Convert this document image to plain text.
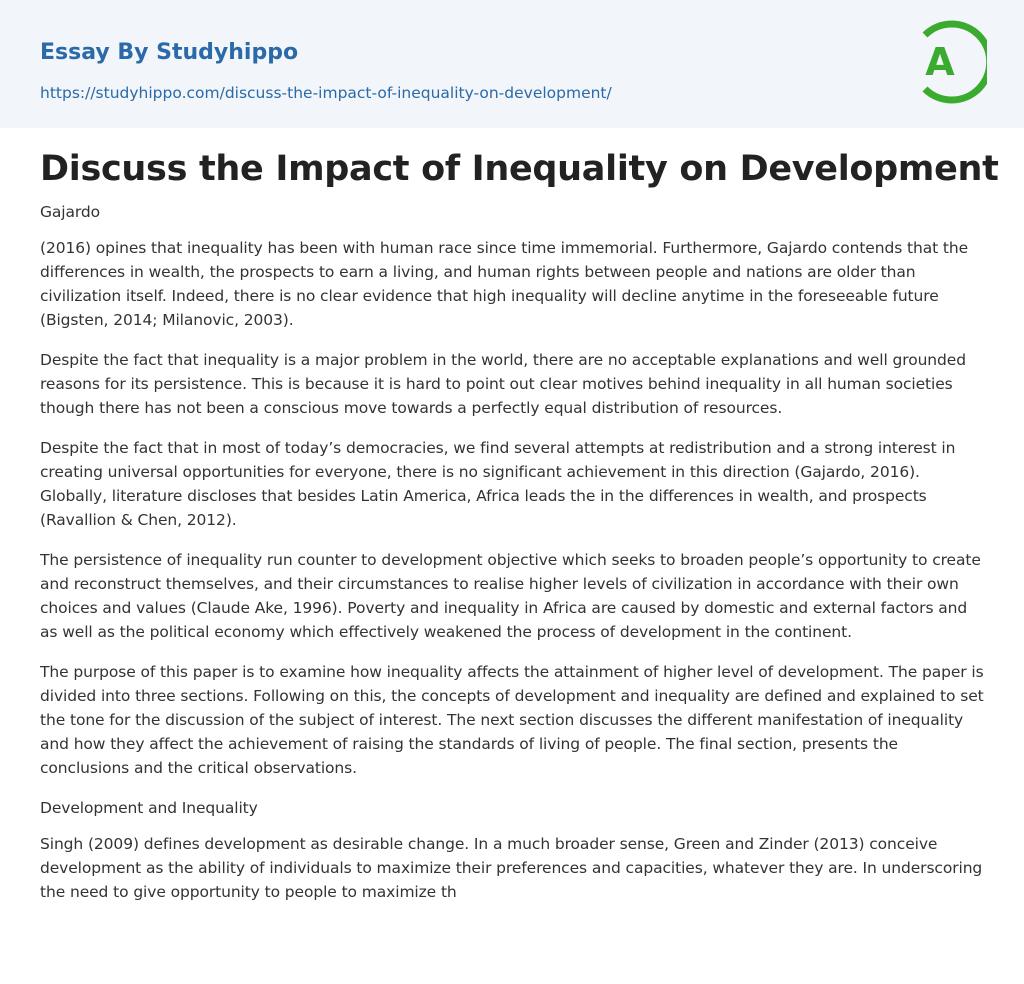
Essay By Studyhippo
https://studyhippo.com/discuss-the-impact-of-inequality-on-development/
A
Discuss the Impact of Inequality on Development

Gajardo

(2016) opines that inequality has been with human race since time immemorial. Furthermore, Gajardo contends that the differences in wealth, the prospects to earn a living, and human rights between people and nations are older than civilization itself. Indeed, there is no clear evidence that high inequality will decline anytime in the foreseeable future (Bigsten, 2014; Milanovic, 2003).

Despite the fact that inequality is a major problem in the world, there are no acceptable explanations and well grounded reasons for its persistence. This is because it is hard to point out clear motives behind inequality in all human societies though there has not been a conscious move towards a perfectly equal distribution of resources.

Despite the fact that in most of today’s democracies, we find several attempts at redistribution and a strong interest in creating universal opportunities for everyone, there is no significant achievement in this direction (Gajardo, 2016). Globally, literature discloses that besides Latin America, Africa leads the in the differences in wealth, and prospects (Ravallion & Chen, 2012).

The persistence of inequality run counter to development objective which seeks to broaden people’s opportunity to create and reconstruct themselves, and their circumstances to realise higher levels of civilization in accordance with their own choices and values (Claude Ake, 1996). Poverty and inequality in Africa are caused by domestic and external factors and as well as the political economy which effectively weakened the process of development in the continent.

The purpose of this paper is to examine how inequality affects the attainment of higher level of development. The paper is divided into three sections. Following on this, the concepts of development and inequality are defined and explained to set the tone for the discussion of the subject of interest. The next section discusses the different manifestation of inequality and how they affect the achievement of raising the standards of living of people. The final section, presents the conclusions and the critical observations.

Development and Inequality

Singh (2009) defines development as desirable change. In a much broader sense, Green and Zinder (2013) conceive development as the ability of individuals to maximize their preferences and capacities, whatever they are. In underscoring the need to give opportunity to people to maximize th
